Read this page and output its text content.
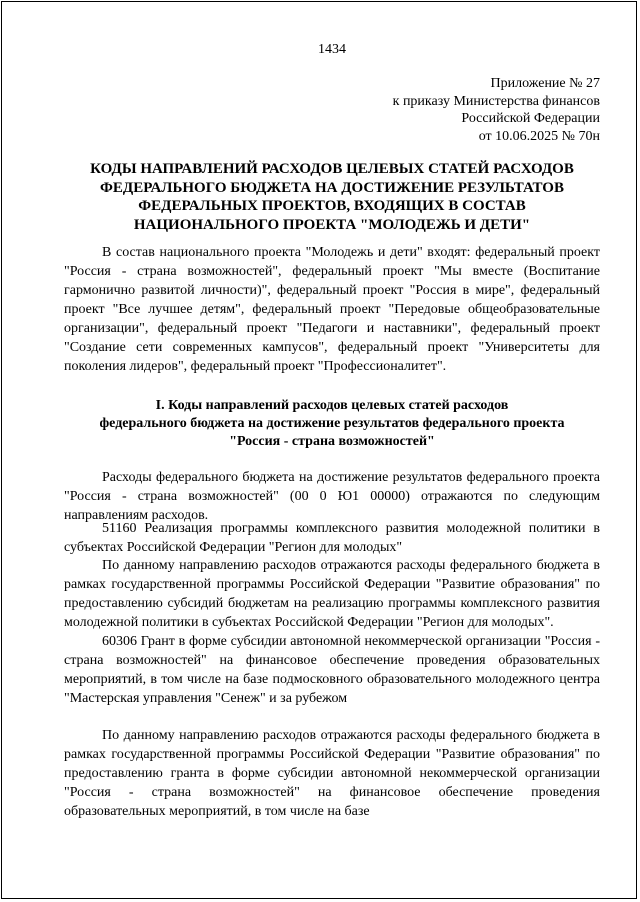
1434
Приложение № 27
к приказу Министерства финансов
Российской Федерации
от 10.06.2025 № 70н
КОДЫ НАПРАВЛЕНИЙ РАСХОДОВ ЦЕЛЕВЫХ СТАТЕЙ РАСХОДОВ
ФЕДЕРАЛЬНОГО БЮДЖЕТА НА ДОСТИЖЕНИЕ РЕЗУЛЬТАТОВ
ФЕДЕРАЛЬНЫХ ПРОЕКТОВ, ВХОДЯЩИХ В СОСТАВ
НАЦИОНАЛЬНОГО ПРОЕКТА "МОЛОДЕЖЬ И ДЕТИ"
В состав национального проекта "Молодежь и дети" входят: федеральный проект "Россия - страна возможностей", федеральный проект "Мы вместе (Воспитание гармонично развитой личности)", федеральный проект "Россия в мире", федеральный проект "Все лучшее детям", федеральный проект "Передовые общеобразовательные организации", федеральный проект "Педагоги и наставники", федеральный проект "Создание сети современных кампусов", федеральный проект "Университеты для поколения лидеров", федеральный проект "Профессионалитет".
I. Коды направлений расходов целевых статей расходов
федерального бюджета на достижение результатов федерального проекта
"Россия - страна возможностей"
Расходы федерального бюджета на достижение результатов федерального проекта "Россия - страна возможностей" (00 0 Ю1 00000) отражаются по следующим направлениям расходов.
51160 Реализация программы комплексного развития молодежной политики в субъектах Российской Федерации "Регион для молодых"
По данному направлению расходов отражаются расходы федерального бюджета в рамках государственной программы Российской Федерации "Развитие образования" по предоставлению субсидий бюджетам на реализацию программы комплексного развития молодежной политики в субъектах Российской Федерации "Регион для молодых".
60306 Грант в форме субсидии автономной некоммерческой организации "Россия - страна возможностей" на финансовое обеспечение проведения образовательных мероприятий, в том числе на базе подмосковного образовательного молодежного центра "Мастерская управления "Сенеж" и за рубежом
По данному направлению расходов отражаются расходы федерального бюджета в рамках государственной программы Российской Федерации "Развитие образования" по предоставлению гранта в форме субсидии автономной некоммерческой организации "Россия - страна возможностей" на финансовое обеспечение проведения образовательных мероприятий, в том числе на базе
